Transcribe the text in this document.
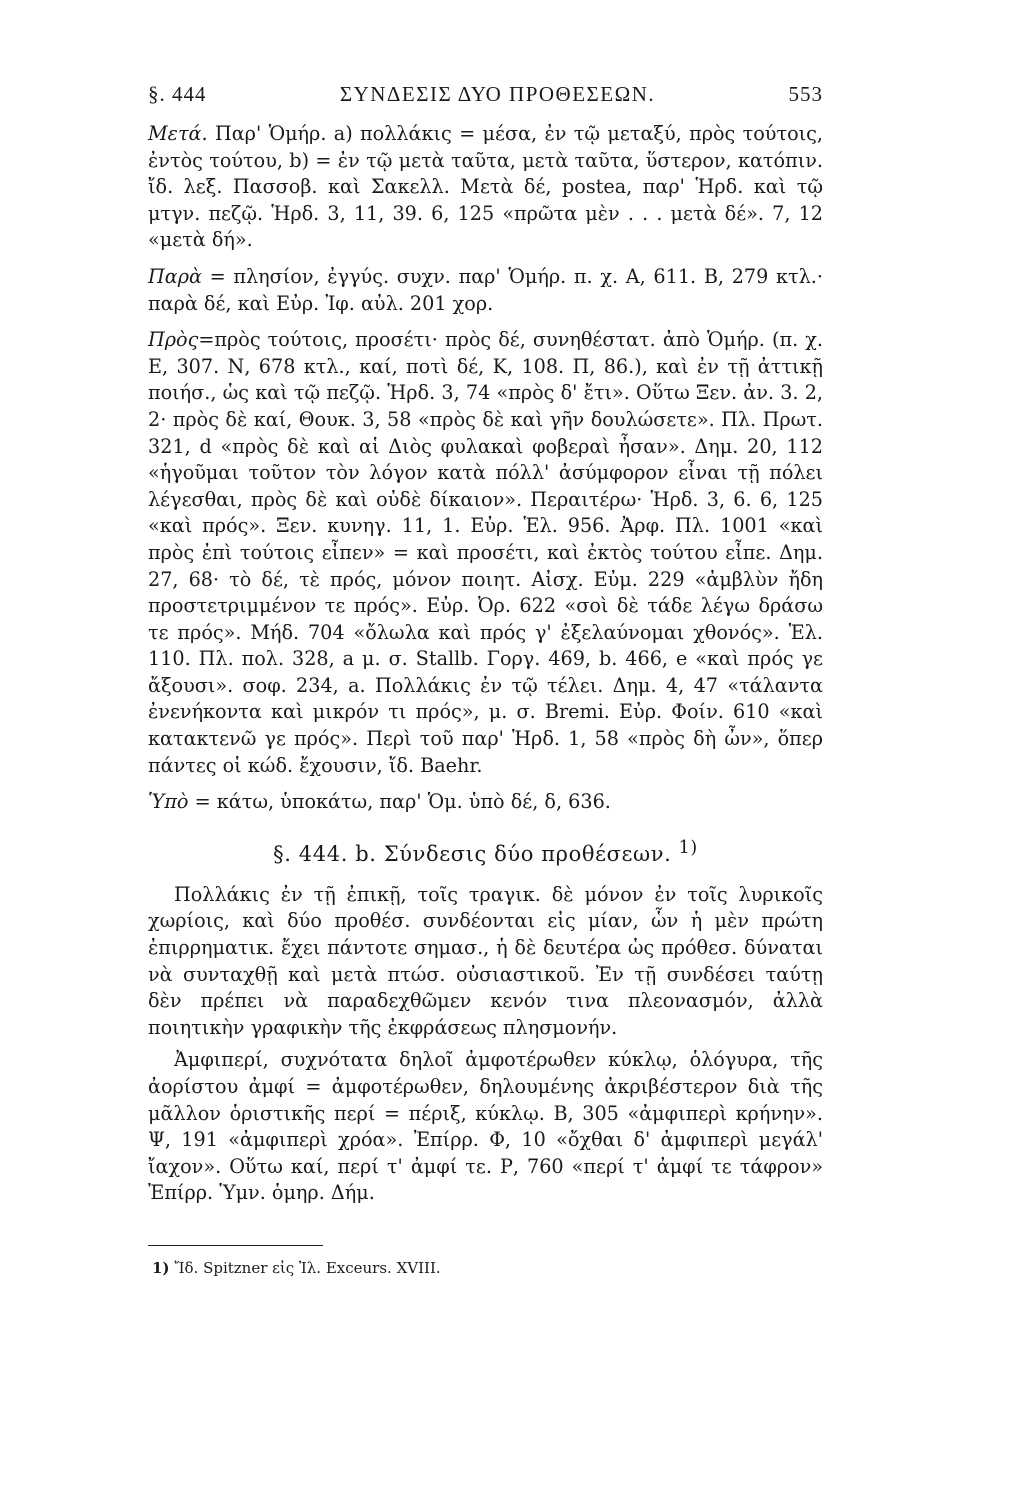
§. 444	ΣΥΝΔΕΣΙΣ ΔΥΟ ΠΡΟΘΕΣΕΩΝ.	553

Μετά. Παρ' Ὁμήρ. a) πολλάκις = μέσα, ἐν τῷ μεταξύ, πρὸς τούτοις, ἐντὸς τούτου, b) = ἐν τῷ μετὰ ταῦτα, μετὰ ταῦτα, ὕστερον, κατόπιν. ἴδ. λεξ. Πασσοβ. καὶ Σακελλ. Μετὰ δέ, postea, παρ' Ἡρδ. καὶ τῷ μτγν. πεζῷ. Ἡρδ. 3, 11, 39. 6, 125 «πρῶτα μὲν . . . μετὰ δέ». 7, 12 «μετὰ δή».

Παρὰ = πλησίον, ἐγγύς. συχν. παρ' Ὁμήρ. π. χ. Α, 611. Β, 279 κτλ.· παρὰ δέ, καὶ Εὐρ. Ἰφ. αὐλ. 201 χορ.

Πρὸς=πρὸς τούτοις, προσέτι· πρὸς δέ, συνηθέστατ. ἀπὸ Ὁμήρ. (π. χ. Ε, 307. Ν, 678 κτλ., καί, ποτὶ δέ, Κ, 108. Π, 86.), καὶ ἐν τῇ ἀττικῇ ποιήσ., ὡς καὶ τῷ πεζῷ. Ἡρδ. 3, 74 «πρὸς δ' ἔτι». Οὕτω Ξεν. ἀν. 3. 2, 2· πρὸς δὲ καί, Θουκ. 3, 58 «πρὸς δὲ καὶ γῆν δουλώσετε». Πλ. Πρωτ. 321, d «πρὸς δὲ καὶ αἱ Διὸς φυλακαὶ φοβεραὶ ἦσαν». Δημ. 20, 112 «ἡγοῦμαι τοῦτον τὸν λόγον κατὰ πόλλ' ἀσύμφορον εἶναι τῇ πόλει λέγεσθαι, πρὸς δὲ καὶ οὐδὲ δίκαιον». Περαιτέρω· Ἡρδ. 3, 6. 6, 125 «καὶ πρός». Ξεν. κυνηγ. 11, 1. Εὐρ. Ἑλ. 956. Ἀρφ. Πλ. 1001 «καὶ πρὸς ἐπὶ τούτοις εἶπεν» = καὶ προσέτι, καὶ ἐκτὸς τούτου εἶπε. Δημ. 27, 68· τὸ δέ, τὲ πρός, μόνον ποιητ. Αἰσχ. Εὐμ. 229 «ἀμβλὺν ἤδη προστετριμμένον τε πρός». Εὐρ. Ὀρ. 622 «σοὶ δὲ τάδε λέγω δράσω τε πρός». Μήδ. 704 «ὄλωλα καὶ πρός γ' ἐξελαύνομαι χθονός». Ἑλ. 110. Πλ. πολ. 328, a μ. σ. Stallb. Γοργ. 469, b. 466, e «καὶ πρός γε ἄξουσι». σοφ. 234, a. Πολλάκις ἐν τῷ τέλει. Δημ. 4, 47 «τάλαντα ἐνενήκοντα καὶ μικρόν τι πρός», μ. σ. Bremi. Εὐρ. Φοίν. 610 «καὶ κατακτενῶ γε πρός». Περὶ τοῦ παρ' Ἡρδ. 1, 58 «πρὸς δὴ ὦν», ὅπερ πάντες οἱ κώδ. ἔχουσιν, ἴδ. Baehr.

Ὑπὸ = κάτω, ὑποκάτω, παρ' Ὁμ. ὑπὸ δέ, δ, 636.

§. 444. b. Σύνδεσις δύο προθέσεων. $^{1)}$

Πολλάκις ἐν τῇ ἐπικῇ, τοῖς τραγικ. δὲ μόνον ἐν τοῖς λυρικοῖς χωρίοις, καὶ δύο προθέσ. συνδέονται εἰς μίαν, ὧν ἡ μὲν πρώτη ἐπιρρηματικ. ἔχει πάντοτε σημασ., ἡ δὲ δευτέρα ὡς πρόθεσ. δύναται νὰ συνταχθῇ καὶ μετὰ πτώσ. οὐσιαστικοῦ. Ἐν τῇ συνδέσει ταύτῃ δὲν πρέπει νὰ παραδεχθῶμεν κενόν τινα πλεονασμόν, ἀλλὰ ποιητικὴν γραφικὴν τῆς ἐκφράσεως πλησμονήν.

Ἀμφιπερί, συχνότατα δηλοῖ ἀμφοτέρωθεν κύκλῳ, ὁλόγυρα, τῆς ἀορίστου ἀμφί = ἀμφοτέρωθεν, δηλουμένης ἀκριβέστερον διὰ τῆς μᾶλλον ὁριστικῆς περί = πέριξ, κύκλῳ. Β, 305 «ἀμφιπερὶ κρήνην». Ψ, 191 «ἀμφιπερὶ χρόα». Ἐπίρρ. Φ, 10 «ὄχθαι δ' ἀμφιπερὶ μεγάλ' ἴαχον». Οὕτω καί, περί τ' ἀμφί τε. Ρ, 760 «περί τ' ἀμφί τε τάφρον» Ἐπίρρ. Ὑμν. ὁμηρ. Δήμ.

1) Ἴδ. Spitzner εἰς Ἰλ. Exceurs. XVIII.
